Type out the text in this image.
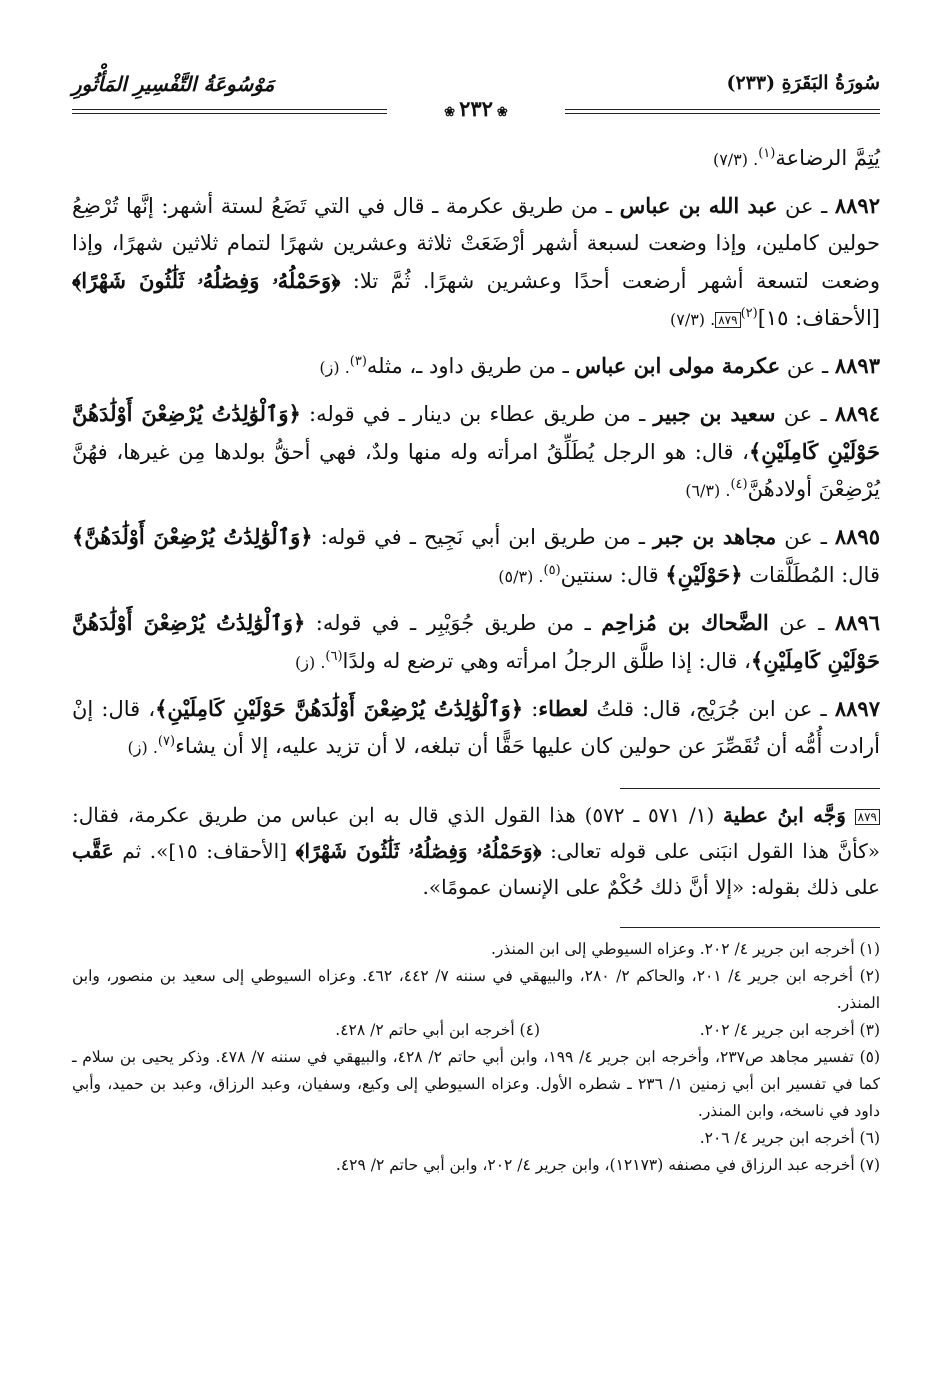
سُورَةُ البَقَرَةِ (٢٣٣)
مَوْسُوعَةُ التَّفْسِيرِ المَأْثُورِ
❀ ٢٣٢ ❀

يُتِمَّ الرضاعة$^{(١)}$. (٧/٣)

٨٨٩٢ ـ عن عبد الله بن عباس ـ من طريق عكرمة ـ قال في التي تَضَعُ لستة أشهر: إنَّها تُرْضِعُ حولين كاملين، وإذا وضعت لسبعة أشهر أرْضَعَتْ ثلاثة وعشرين شهرًا لتمام ثلاثين شهرًا، وإذا وضعت لتسعة أشهر أرضعت أحدًا وعشرين شهرًا. ثُمَّ تلا: ﴿وَحَمْلُهُۥ وَفِصَٰلُهُۥ ثَلَٰثُونَ شَهْرًا﴾ [الأحقاف: ١٥]$^{(٢)}$٨٧٩. (٧/٣)

٨٨٩٣ ـ عن عكرمة مولى ابن عباس ـ من طريق داود ـ، مثله$^{(٣)}$. (ز)

٨٨٩٤ ـ عن سعيد بن جبير ـ من طريق عطاء بن دينار ـ في قوله: ﴿وَٱلْوَٰلِدَٰتُ يُرْضِعْنَ أَوْلَٰدَهُنَّ حَوْلَيْنِ كَامِلَيْنِ﴾، قال: هو الرجل يُطَلِّقُ امرأته وله منها ولدٌ، فهي أحقُّ بولدها مِن غيرها، فهُنَّ يُرْضِعْنَ أولادهُنَّ$^{(٤)}$. (٦/٣)

٨٨٩٥ ـ عن مجاهد بن جبر ـ من طريق ابن أبي نَجِيح ـ في قوله: ﴿وَٱلْوَٰلِدَٰتُ يُرْضِعْنَ أَوْلَٰدَهُنَّ﴾ قال: المُطَلَّقات ﴿حَوْلَيْنِ﴾ قال: سنتين$^{(٥)}$. (٥/٣)

٨٨٩٦ ـ عن الضَّحاك بن مُزاحِم ـ من طريق جُوَيْبِر ـ في قوله: ﴿وَٱلْوَٰلِدَٰتُ يُرْضِعْنَ أَوْلَٰدَهُنَّ حَوْلَيْنِ كَامِلَيْنِ﴾، قال: إذا طلَّق الرجلُ امرأته وهي ترضع له ولدًا$^{(٦)}$. (ز)

٨٨٩٧ ـ عن ابن جُرَيْج، قال: قلتُ لعطاء: ﴿وَٱلْوَٰلِدَٰتُ يُرْضِعْنَ أَوْلَٰدَهُنَّ حَوْلَيْنِ كَامِلَيْنِ﴾، قال: إنْ أرادت أُمُّه أن تُقَصِّرَ عن حولين كان عليها حَقًّا أن تبلغه، لا أن تزيد عليه، إلا أن يشاء$^{(٧)}$. (ز)

٨٧٩ وَجَّه ابنُ عطية (١/ ٥٧١ ـ ٥٧٢) هذا القول الذي قال به ابن عباس من طريق عكرمة، فقال: «كأنَّ هذا القول انبَنى على قوله تعالى: ﴿وَحَمْلُهُۥ وَفِصَٰلُهُۥ ثَلَٰثُونَ شَهْرًا﴾ [الأحقاف: ١٥]». ثم عَقَّب على ذلك بقوله: «إلا أنَّ ذلك حُكْمٌ على الإنسان عمومًا».

(١) أخرجه ابن جرير ٤/ ٢٠٢. وعزاه السيوطي إلى ابن المنذر.

(٢) أخرجه ابن جرير ٤/ ٢٠١، والحاكم ٢/ ٢٨٠، والبيهقي في سننه ٧/ ٤٤٢، ٤٦٢. وعزاه السيوطي إلى سعيد بن منصور، وابن المنذر.

(٣) أخرجه ابن جرير ٤/ ٢٠٢.

(٤) أخرجه ابن أبي حاتم ٢/ ٤٢٨.

(٥) تفسير مجاهد ص٢٣٧، وأخرجه ابن جرير ٤/ ١٩٩، وابن أبي حاتم ٢/ ٤٢٨، والبيهقي في سننه ٧/ ٤٧٨. وذكر يحيى بن سلام ـ كما في تفسير ابن أبي زمنين ١/ ٢٣٦ ـ شطره الأول. وعزاه السيوطي إلى وكيع، وسفيان، وعبد الرزاق، وعبد بن حميد، وأبي داود في ناسخه، وابن المنذر.

(٦) أخرجه ابن جرير ٤/ ٢٠٦.

(٧) أخرجه عبد الرزاق في مصنفه (١٢١٧٣)، وابن جرير ٤/ ٢٠٢، وابن أبي حاتم ٢/ ٤٢٩.
